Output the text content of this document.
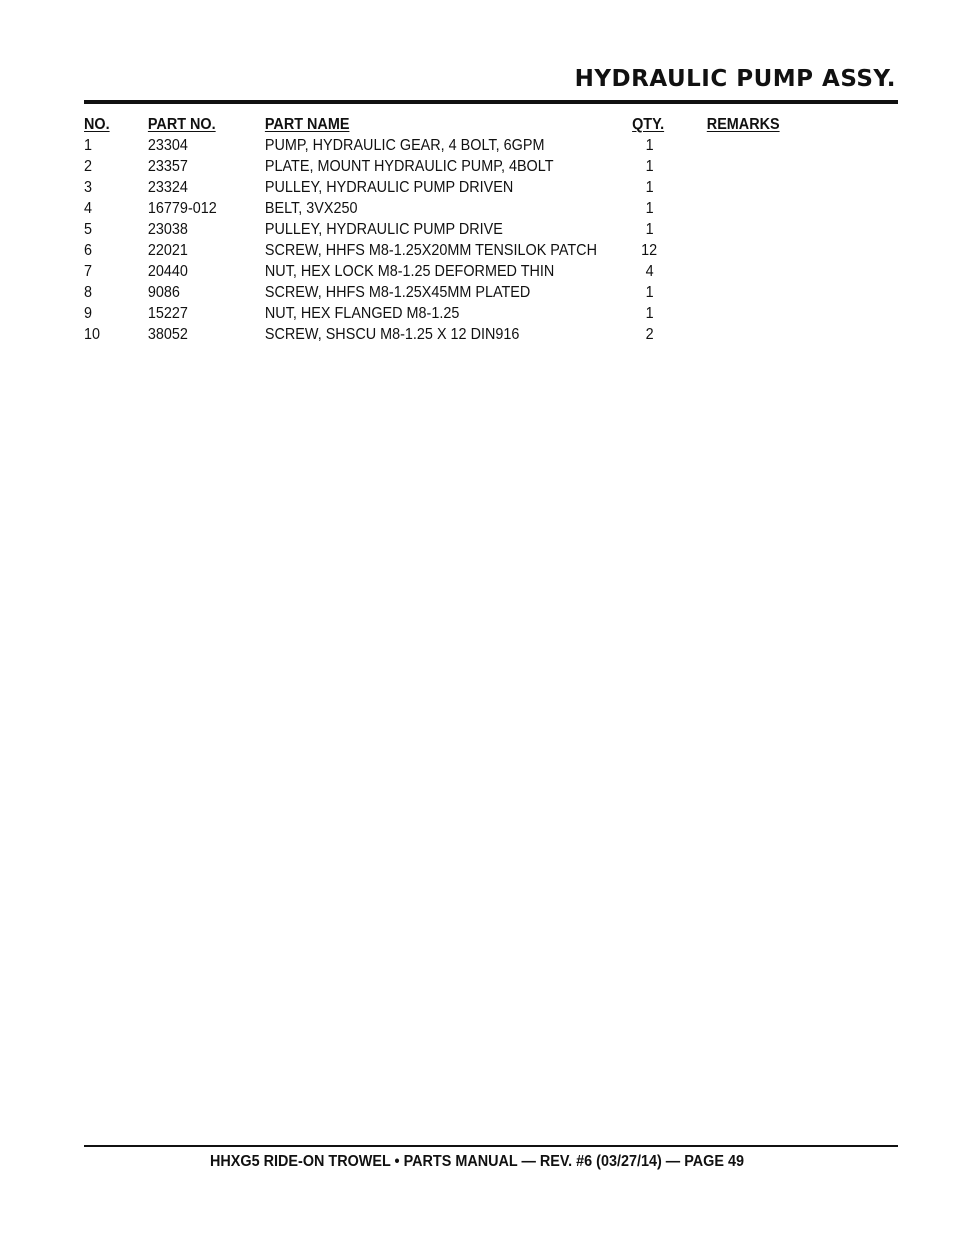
HYDRAULIC PUMP ASSY.
NO.	PART NO.	PART NAME	QTY.	REMARKS
1	23304	PUMP, HYDRAULIC GEAR, 4 BOLT, 6GPM	1	
2	23357	PLATE, MOUNT HYDRAULIC PUMP, 4BOLT	1	
3	23324	PULLEY, HYDRAULIC PUMP DRIVEN	1	
4	16779-012	BELT, 3VX250	1	
5	23038	PULLEY, HYDRAULIC PUMP DRIVE	1	
6	22021	SCREW, HHFS M8-1.25X20MM TENSILOK PATCH	12	
7	20440	NUT, HEX LOCK M8-1.25 DEFORMED THIN	4	
8	9086	SCREW, HHFS M8-1.25X45MM PLATED	1	
9	15227	NUT, HEX FLANGED M8-1.25	1	
10	38052	SCREW, SHSCU M8-1.25 X 12 DIN916	2	
HHXG5 RIDE-ON TROWEL • PARTS MANUAL — REV. #6 (03/27/14) — PAGE 49
